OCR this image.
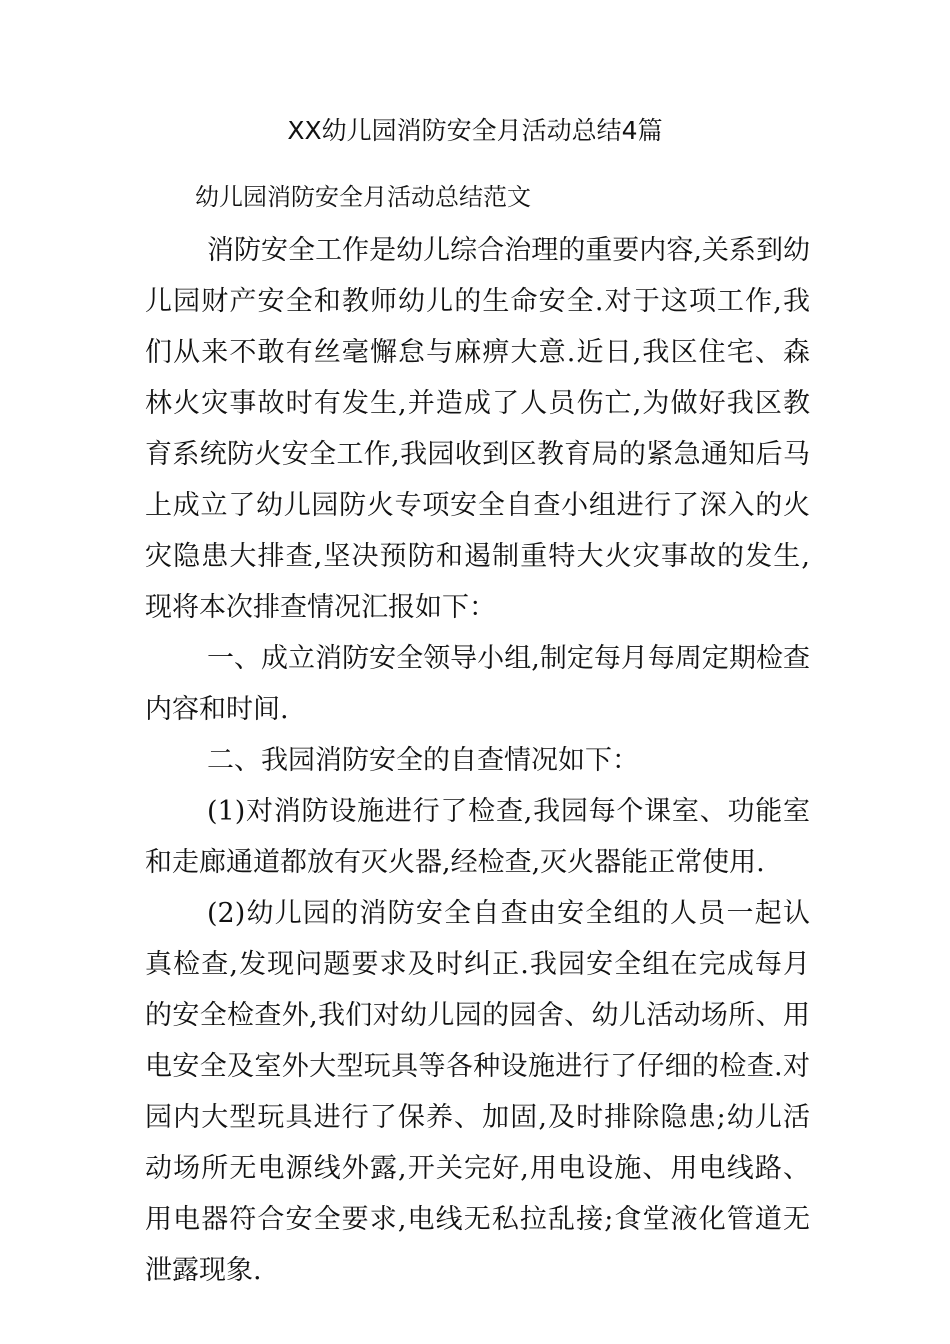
XX幼儿园消防安全月活动总结4篇
幼儿园消防安全月活动总结范文

消防安全工作是幼儿综合治理的重要内容,关系到幼儿园财产安全和教师幼儿的生命安全.对于这项工作,我们从来不敢有丝毫懈怠与麻痹大意.近日,我区住宅、森林火灾事故时有发生,并造成了人员伤亡,为做好我区教育系统防火安全工作,我园收到区教育局的紧急通知后马上成立了幼儿园防火专项安全自查小组进行了深入的火灾隐患大排查,坚决预防和遏制重特大火灾事故的发生,现将本次排查情况汇报如下：

一、成立消防安全领导小组,制定每月每周定期检查内容和时间.

二、我园消防安全的自查情况如下：

(1)对消防设施进行了检查,我园每个课室、功能室和走廊通道都放有灭火器,经检查,灭火器能正常使用.

(2)幼儿园的消防安全自查由安全组的人员一起认真检查,发现问题要求及时纠正.我园安全组在完成每月的安全检查外,我们对幼儿园的园舍、幼儿活动场所、用电安全及室外大型玩具等各种设施进行了仔细的检查.对园内大型玩具进行了保养、加固,及时排除隐患;幼儿活动场所无电源线外露,开关完好,用电设施、用电线路、用电器符合安全要求,电线无私拉乱接;食堂液化管道无泄露现象.
